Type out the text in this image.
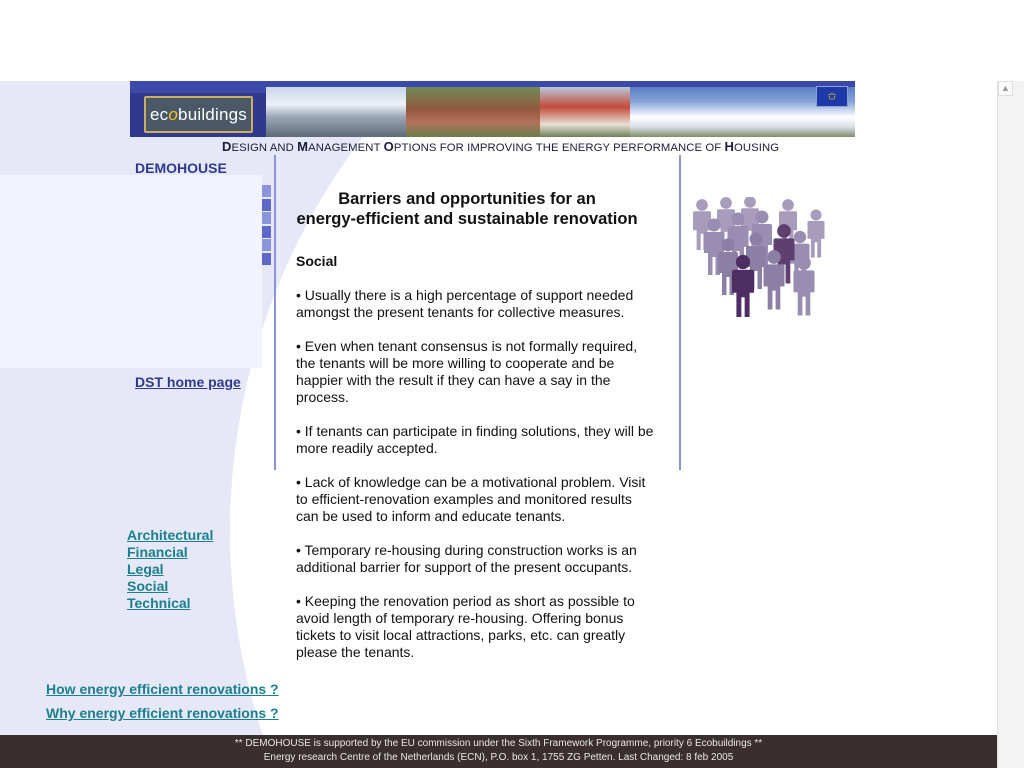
ec o buildings
✩
DESIGN AND MANAGEMENT OPTIONS FOR IMPROVING THE ENERGY PERFORMANCE OF HOUSING
DEMOHOUSE
DST home page
Architectural
Financial
Legal
Social
Technical
How energy efficient renovations ?
Why energy efficient renovations ?
Barriers and opportunities for an
energy-efficient and sustainable renovation
Social

• Usually there is a high percentage of support needed amongst the present tenants for collective measures.

• Even when tenant consensus is not formally required, the tenants will be more willing to cooperate and be happier with the result if they can have a say in the process.

• If tenants can participate in finding solutions, they will be more readily accepted.

• Lack of knowledge can be a motivational problem. Visit to efficient-renovation examples and monitored results can be used to inform and educate tenants.

• Temporary re-housing during construction works is an additional barrier for support of the present occupants.

• Keeping the renovation period as short as possible to avoid length of temporary re-housing. Offering bonus tickets to visit local attractions, parks, etc. can greatly please the tenants.

** DEMOHOUSE is supported by the EU commission under the Sixth Framework Programme, priority 6 Ecobuildings **
Energy research Centre of the Netherlands (ECN), P.O. box 1, 1755 ZG Petten. Last Changed: 8 feb 2005
▲
